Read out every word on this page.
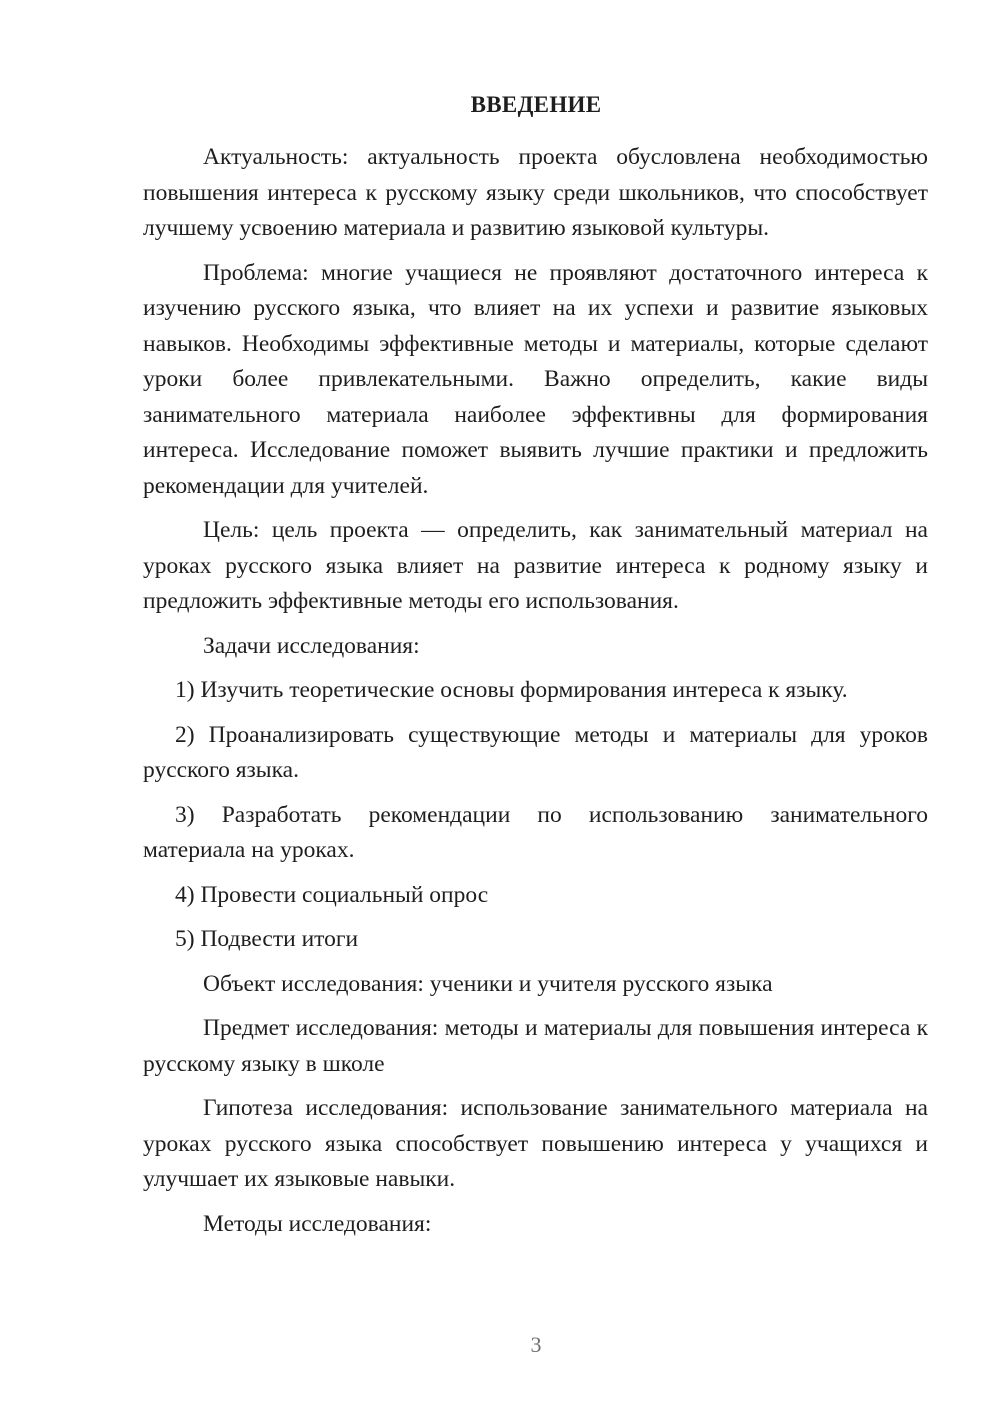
ВВЕДЕНИЕ

Актуальность: актуальность проекта обусловлена необходимостью повышения интереса к русскому языку среди школьников, что способствует лучшему усвоению материала и развитию языковой культуры.

Проблема: многие учащиеся не проявляют достаточного интереса к изучению русского языка, что влияет на их успехи и развитие языковых навыков. Необходимы эффективные методы и материалы, которые сделают уроки более привлекательными. Важно определить, какие виды занимательного материала наиболее эффективны для формирования интереса. Исследование поможет выявить лучшие практики и предложить рекомендации для учителей.

Цель: цель проекта — определить, как занимательный материал на уроках русского языка влияет на развитие интереса к родному языку и предложить эффективные методы его использования.

Задачи исследования:

1) Изучить теоретические основы формирования интереса к языку.

2) Проанализировать существующие методы и материалы для уроков русского языка.

3) Разработать рекомендации по использованию занимательного материала на уроках.

4) Провести социальный опрос

5) Подвести итоги

Объект исследования: ученики и учителя русского языка

Предмет исследования: методы и материалы для повышения интереса к русскому языку в школе

Гипотеза исследования: использование занимательного материала на уроках русского языка способствует повышению интереса у учащихся и улучшает их языковые навыки.

Методы исследования:

3
